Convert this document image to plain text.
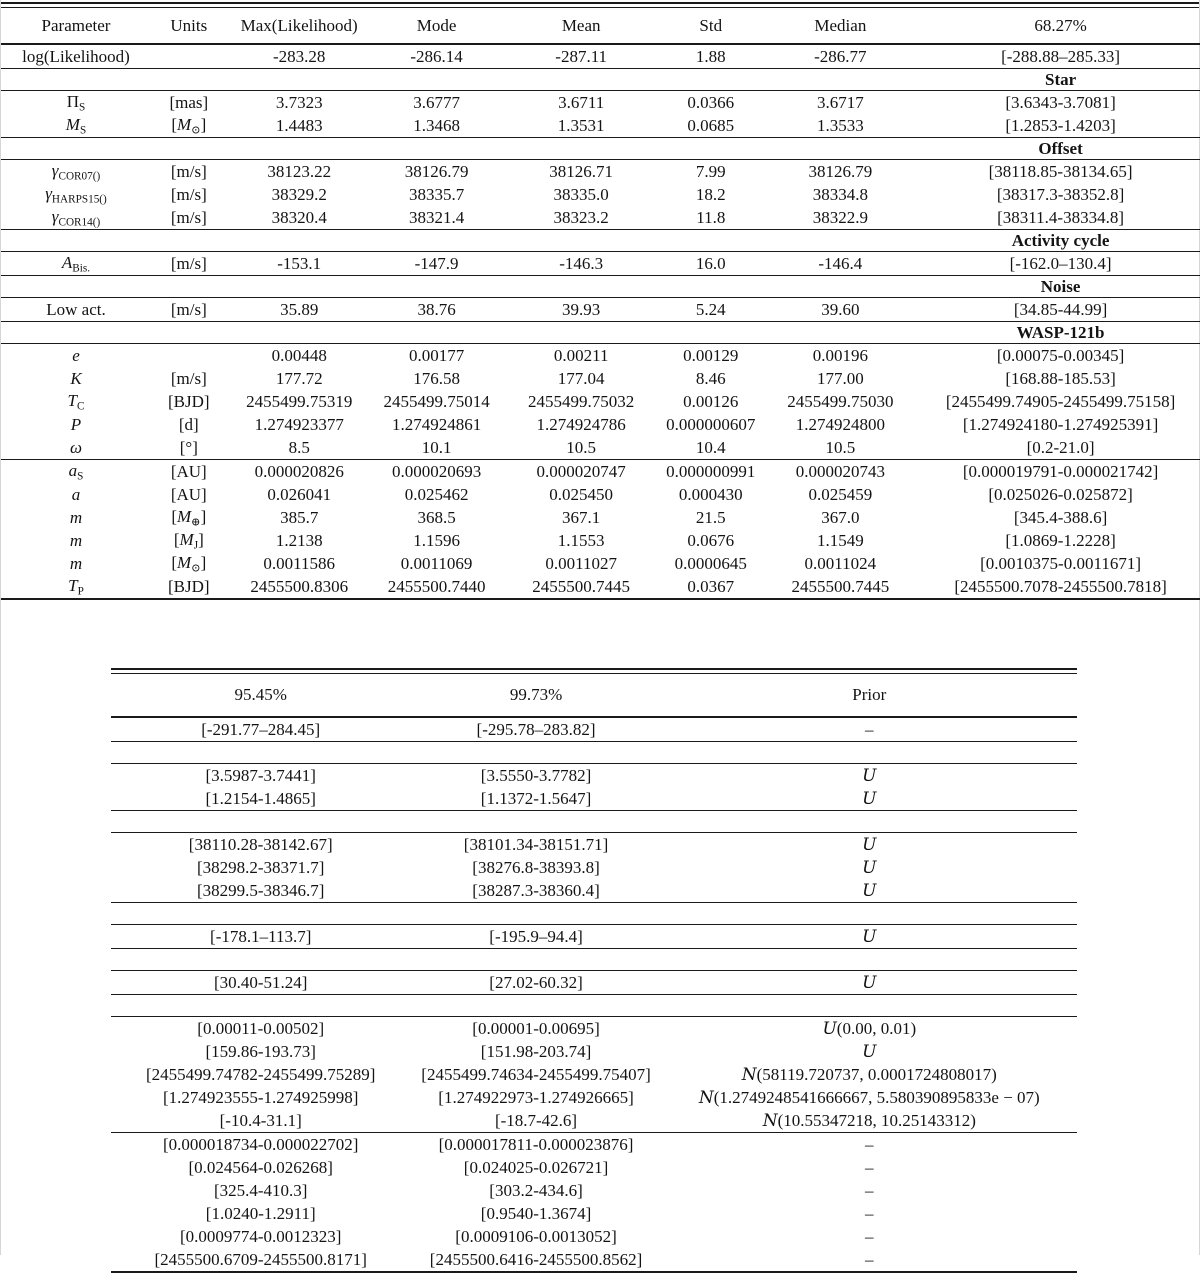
Parameter	Units	Max(Likelihood)	Mode	Mean	Std	Median	68.27%
log(Likelihood)		-283.28	-286.14	-287.11	1.88	-286.77	[-288.88–285.33]
							Star
$\Pi_S$	[mas]	3.7323	3.6777	3.6711	0.0366	3.6717	[3.6343-3.7081]
$M_S$	$[M_⊙]$	1.4483	1.3468	1.3531	0.0685	1.3533	[1.2853-1.4203]
							Offset
$\gamma_{COR07()}$	[m/s]	38123.22	38126.79	38126.71	7.99	38126.79	[38118.85-38134.65]
$\gamma_{HARPS15()}$	[m/s]	38329.2	38335.7	38335.0	18.2	38334.8	[38317.3-38352.8]
$\gamma_{COR14()}$	[m/s]	38320.4	38321.4	38323.2	11.8	38322.9	[38311.4-38334.8]
							Activity cycle
$A_{Bis.}$	[m/s]	-153.1	-147.9	-146.3	16.0	-146.4	[-162.0–130.4]
							Noise
Low act.	[m/s]	35.89	38.76	39.93	5.24	39.60	[34.85-44.99]
							WASP-121b
e		0.00448	0.00177	0.00211	0.00129	0.00196	[0.00075-0.00345]
K	[m/s]	177.72	176.58	177.04	8.46	177.00	[168.88-185.53]
$T_C$	[BJD]	2455499.75319	2455499.75014	2455499.75032	0.00126	2455499.75030	[2455499.74905-2455499.75158]
P	[d]	1.274923377	1.274924861	1.274924786	0.000000607	1.274924800	[1.274924180-1.274925391]
ω	[°]	8.5	10.1	10.5	10.4	10.5	[0.2-21.0]
$a_S$	[AU]	0.000020826	0.000020693	0.000020747	0.000000991	0.000020743	[0.000019791-0.000021742]
a	[AU]	0.026041	0.025462	0.025450	0.000430	0.025459	[0.025026-0.025872]
m	$[M_\oplus]$	385.7	368.5	367.1	21.5	367.0	[345.4-388.6]
m	$[M_J]$	1.2138	1.1596	1.1553	0.0676	1.1549	[1.0869-1.2228]
m	$[M_⊙]$	0.0011586	0.0011069	0.0011027	0.0000645	0.0011024	[0.0010375-0.0011671]
$T_P$	[BJD]	2455500.8306	2455500.7440	2455500.7445	0.0367	2455500.7445	[2455500.7078-2455500.7818]
95.45%	99.73%	Prior
[-291.77–284.45]	[-295.78–283.82]	–

[3.5987-3.7441]	[3.5550-3.7782]	U
[1.2154-1.4865]	[1.1372-1.5647]	U

[38110.28-38142.67]	[38101.34-38151.71]	U
[38298.2-38371.7]	[38276.8-38393.8]	U
[38299.5-38346.7]	[38287.3-38360.4]	U

[-178.1–113.7]	[-195.9–94.4]	U

[30.40-51.24]	[27.02-60.32]	U

[0.00011-0.00502]	[0.00001-0.00695]	U(0.00, 0.01)
[159.86-193.73]	[151.98-203.74]	U
[2455499.74782-2455499.75289]	[2455499.74634-2455499.75407]	N(58119.720737, 0.0001724808017)
[1.274923555-1.274925998]	[1.274922973-1.274926665]	N(1.2749248541666667, 5.580390895833e − 07)
[-10.4-31.1]	[-18.7-42.6]	N(10.55347218, 10.25143312)
[0.000018734-0.000022702]	[0.000017811-0.000023876]	–
[0.024564-0.026268]	[0.024025-0.026721]	–
[325.4-410.3]	[303.2-434.6]	–
[1.0240-1.2911]	[0.9540-1.3674]	–
[0.0009774-0.0012323]	[0.0009106-0.0013052]	–
[2455500.6709-2455500.8171]	[2455500.6416-2455500.8562]	–
